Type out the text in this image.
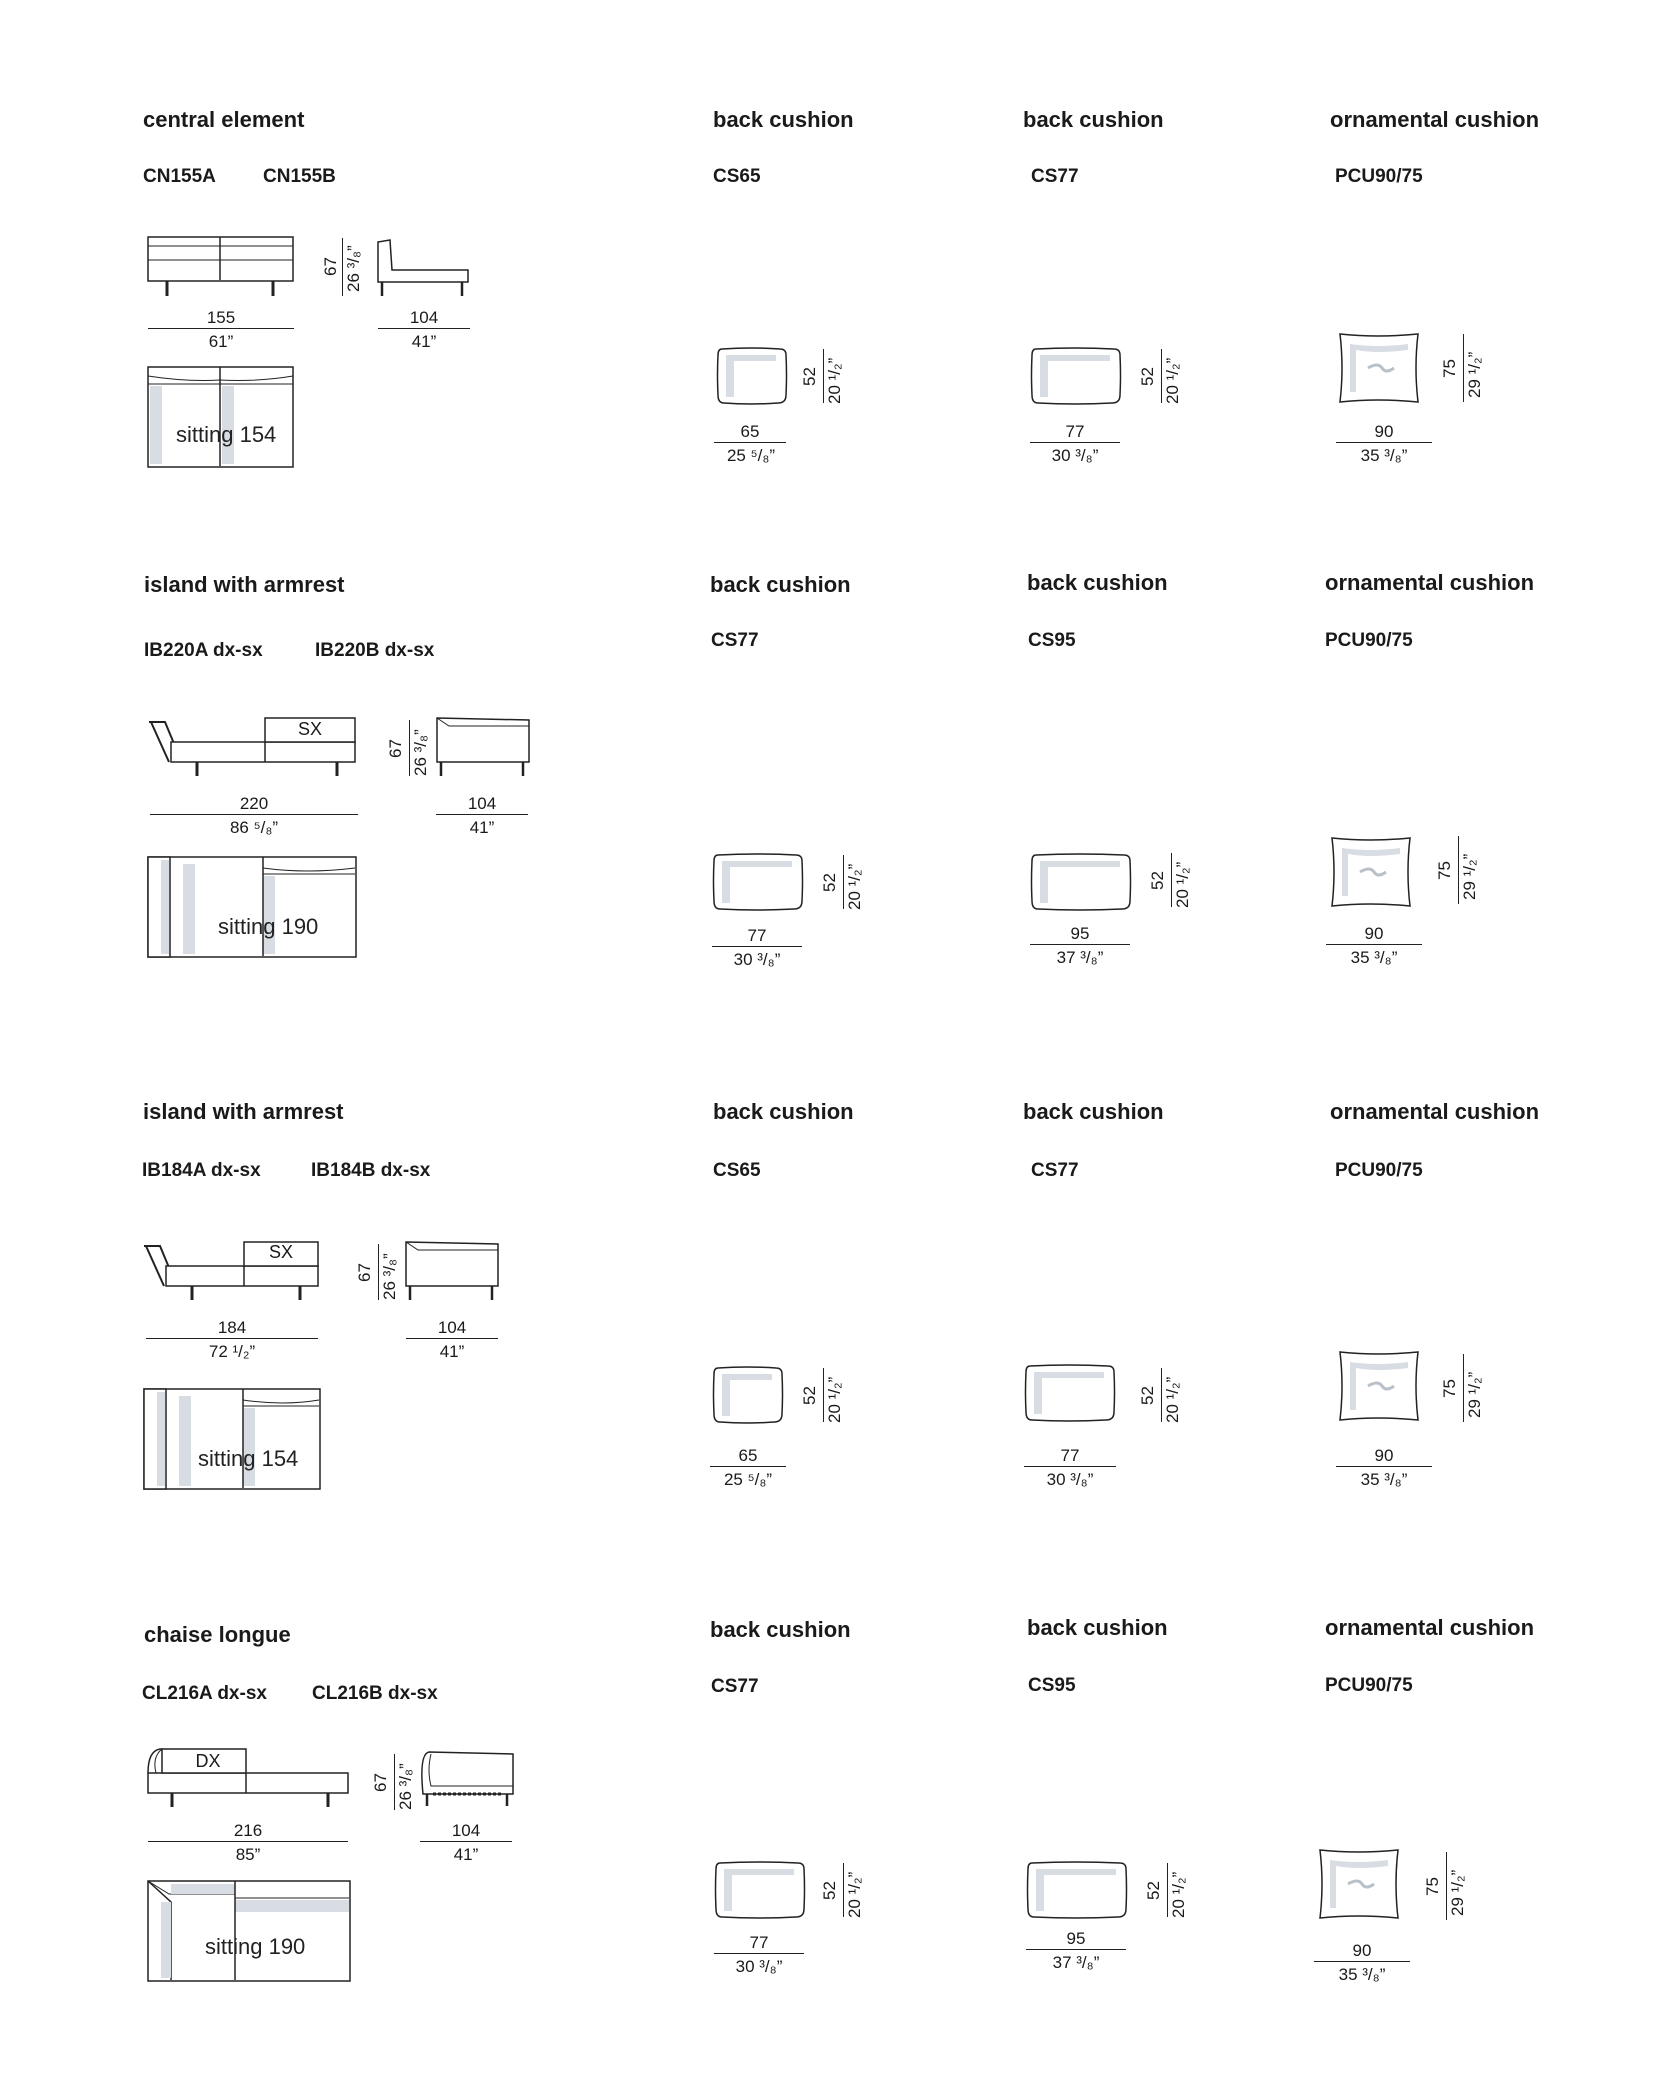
central element
CN155A CN155B
155
61”
67 26 ³/₈”
104
41”
sitting 154
back cushion
CS65
52 20 ¹/₂”
65
25 ⁵/₈”
back cushion
CS77
52 20 ¹/₂”
77
30 ³/₈”
ornamental cushion
PCU90/75
75 29 ¹/₂”
90
35 ³/₈”
island with armrest
IB220A dx-sx	IB220B dx-sx
SX
220
86 ⁵/₈”
67 26 ³/₈”
104
41”
sitting 190
back cushion
CS77
52 20 ¹/₂”
77
30 ³/₈”
back cushion
CS95
52 20 ¹/₂”
95
37 ³/₈”
ornamental cushion
PCU90/75
75 29 ¹/₂”
90
35 ³/₈”
island with armrest
IB184A dx-sx	IB184B dx-sx
SX
184
72 ¹/₂”
67 26 ³/₈”
104
41”
sitting 154
back cushion
CS65
52 20 ¹/₂”
65
25 ⁵/₈”
back cushion
CS77
52 20 ¹/₂”
77
30 ³/₈”
ornamental cushion
PCU90/75
75 29 ¹/₂”
90
35 ³/₈”
chaise longue
CL216A dx-sx CL216B dx-sx
DX
216
85”
67 26 ³/₈”
104
41”
sitting 190
back cushion
CS77
52 20 ¹/₂”
77
30 ³/₈”
back cushion
CS95
52 20 ¹/₂”
95
37 ³/₈”
ornamental cushion
PCU90/75
75 29 ¹/₂”
90
35 ³/₈”
